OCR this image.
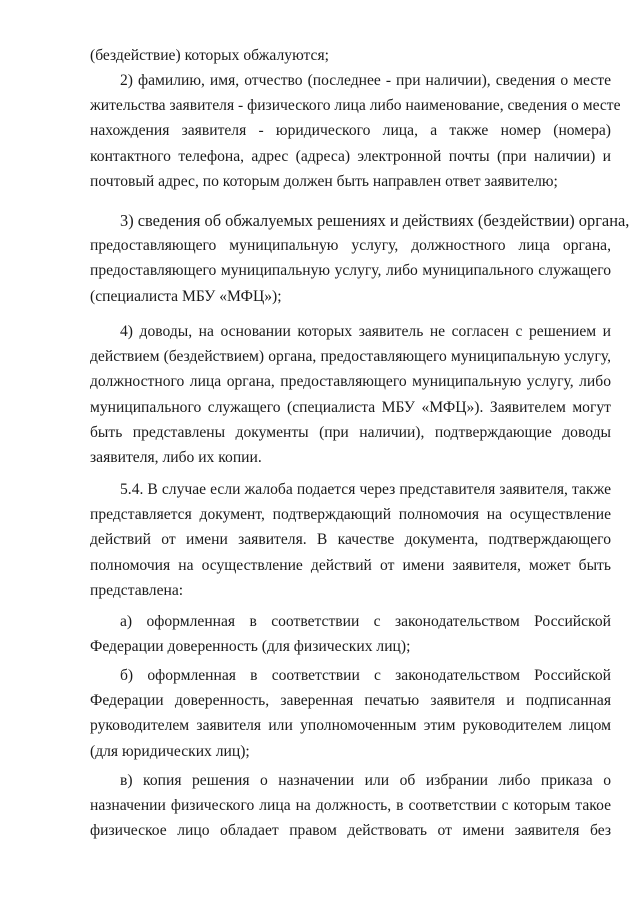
(бездействие) которых обжалуются;
2) фамилию, имя, отчество (последнее - при наличии), сведения о месте
жительства заявителя - физического лица либо наименование, сведения о месте
нахождения заявителя - юридического лица, а также номер (номера)
контактного телефона, адрес (адреса) электронной почты (при наличии) и
почтовый адрес, по которым должен быть направлен ответ заявителю;
3) сведения об обжалуемых решениях и действиях (бездействии) органа,
предоставляющего муниципальную услугу, должностного лица органа,
предоставляющего муниципальную услугу, либо муниципального служащего
(специалиста МБУ «МФЦ»);
4) доводы, на основании которых заявитель не согласен с решением и
действием (бездействием) органа, предоставляющего муниципальную услугу,
должностного лица органа, предоставляющего муниципальную услугу, либо
муниципального служащего (специалиста МБУ «МФЦ»). Заявителем могут
быть представлены документы (при наличии), подтверждающие доводы
заявителя, либо их копии.
5.4. В случае если жалоба подается через представителя заявителя, также
представляется документ, подтверждающий полномочия на осуществление
действий от имени заявителя. В качестве документа, подтверждающего
полномочия на осуществление действий от имени заявителя, может быть
представлена:
а) оформленная в соответствии с законодательством Российской
Федерации доверенность (для физических лиц);
б) оформленная в соответствии с законодательством Российской
Федерации доверенность, заверенная печатью заявителя и подписанная
руководителем заявителя или уполномоченным этим руководителем лицом
(для юридических лиц);
в) копия решения о назначении или об избрании либо приказа о
назначении физического лица на должность, в соответствии с которым такое
физическое лицо обладает правом действовать от имени заявителя без
